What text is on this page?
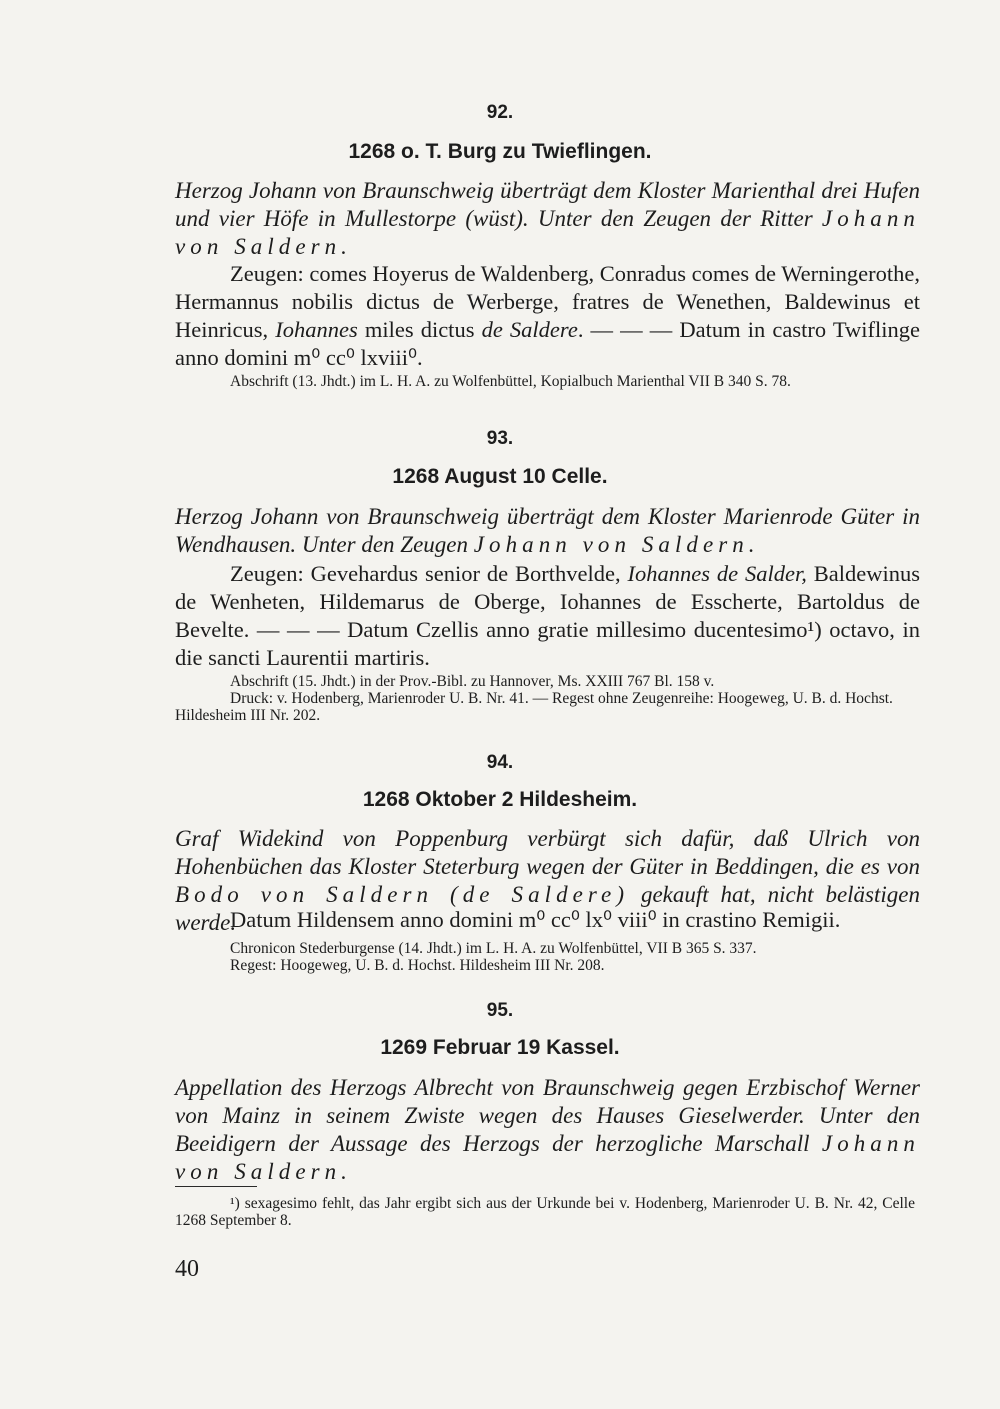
92.
1268 o. T. Burg zu Twieflingen.
Herzog Johann von Braunschweig überträgt dem Kloster Marienthal drei Hufen und vier Höfe in Mullestorpe (wüst). Unter den Zeugen der Ritter Johann von Saldern.
Zeugen: comes Hoyerus de Waldenberg, Conradus comes de Werningerothe, Hermannus nobilis dictus de Werberge, fratres de Wenethen, Baldewinus et Heinricus, Iohannes miles dictus de Saldere. — — — Datum in castro Twiflinge anno domini m⁰ cc⁰ lxviii⁰.
Abschrift (13. Jhdt.) im L. H. A. zu Wolfenbüttel, Kopialbuch Marienthal VII B 340 S. 78.
93.
1268 August 10 Celle.
Herzog Johann von Braunschweig überträgt dem Kloster Marienrode Güter in Wendhausen. Unter den Zeugen Johann von Saldern.
Zeugen: Gevehardus senior de Borthvelde, Iohannes de Salder, Baldewinus de Wenheten, Hildemarus de Oberge, Iohannes de Esscherte, Bartoldus de Bevelte. — — — Datum Czellis anno gratie millesimo ducentesimo¹) octavo, in die sancti Laurentii martiris.
Abschrift (15. Jhdt.) in der Prov.-Bibl. zu Hannover, Ms. XXIII 767 Bl. 158 v.
Druck: v. Hodenberg, Marienroder U. B. Nr. 41. — Regest ohne Zeugenreihe: Hoogeweg, U. B. d. Hochst. Hildesheim III Nr. 202.
94.
1268 Oktober 2 Hildesheim.
Graf Widekind von Poppenburg verbürgt sich dafür, daß Ulrich von Hohenbüchen das Kloster Steterburg wegen der Güter in Beddingen, die es von Bodo von Saldern (de Saldere) gekauft hat, nicht belästigen werde.
Datum Hildensem anno domini m⁰ cc⁰ lx⁰ viii⁰ in crastino Remigii.
Chronicon Stederburgense (14. Jhdt.) im L. H. A. zu Wolfenbüttel, VII B 365 S. 337.
Regest: Hoogeweg, U. B. d. Hochst. Hildesheim III Nr. 208.
95.
1269 Februar 19 Kassel.
Appellation des Herzogs Albrecht von Braunschweig gegen Erzbischof Werner von Mainz in seinem Zwiste wegen des Hauses Gieselwerder. Unter den Beeidigern der Aussage des Herzogs der herzogliche Marschall Johann von Saldern.
¹) sexagesimo fehlt, das Jahr ergibt sich aus der Urkunde bei v. Hodenberg, Marienroder U. B. Nr. 42, Celle 1268 September 8.
40
